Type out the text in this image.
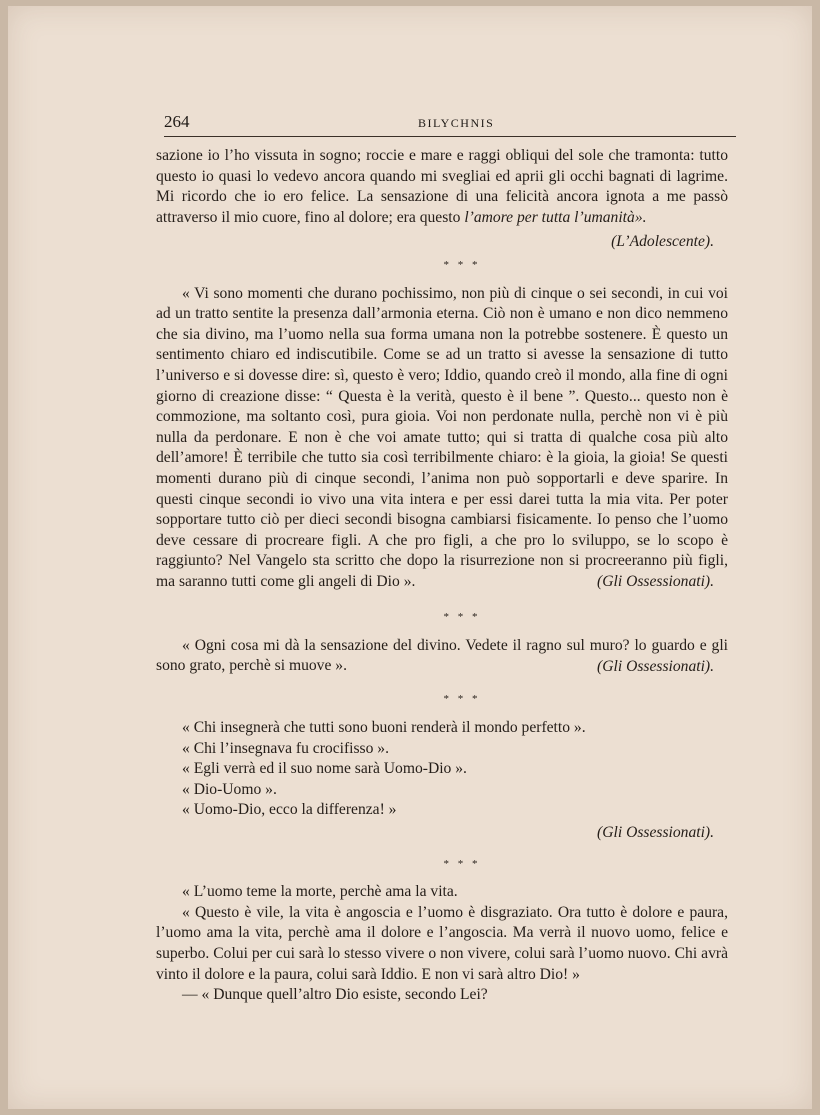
264	BILYCHNIS

sazione io l’ho vissuta in sogno; roccie e mare e raggi obliqui del sole che tramonta: tutto questo io quasi lo vedevo ancora quando mi svegliai ed aprii gli occhi bagnati di lagrime. Mi ricordo che io ero felice. La sensazione di una felicità ancora ignota a me passò attraverso il mio cuore, fino al dolore; era questo l’amore per tutta l’umanità».

(L’Adolescente).

* * *

« Vi sono momenti che durano pochissimo, non più di cinque o sei secondi, in cui voi ad un tratto sentite la presenza dall’armonia eterna. Ciò non è umano e non dico nemmeno che sia divino, ma l’uomo nella sua forma umana non la potrebbe sostenere. È questo un sentimento chiaro ed indiscutibile. Come se ad un tratto si avesse la sensazione di tutto l’universo e si dovesse dire: sì, questo è vero; Iddio, quando creò il mondo, alla fine di ogni giorno di creazione disse: “ Questa è la verità, questo è il bene ”. Questo... questo non è commozione, ma soltanto così, pura gioia. Voi non perdonate nulla, perchè non vi è più nulla da perdonare. E non è che voi amate tutto; qui si tratta di qualche cosa più alto dell’amore! È terribile che tutto sia così terribilmente chiaro: è la gioia, la gioia! Se questi momenti durano più di cinque secondi, l’anima non può sopportarli e deve sparire. In questi cinque secondi io vivo una vita intera e per essi darei tutta la mia vita. Per poter sopportare tutto ciò per dieci secondi bisogna cambiarsi fisicamente. Io penso che l’uomo deve cessare di procreare figli. A che pro figli, a che pro lo sviluppo, se lo scopo è raggiunto? Nel Vangelo sta scritto che dopo la risurrezione non si procreeranno più figli, ma saranno tutti come gli angeli di Dio ».	(Gli Ossessionati).

* * *

« Ogni cosa mi dà la sensazione del divino. Vedete il ragno sul muro? lo guardo e gli sono grato, perchè si muove ».	(Gli Ossessionati).

* * *

« Chi insegnerà che tutti sono buoni renderà il mondo perfetto ».

« Chi l’insegnava fu crocifisso ».

« Egli verrà ed il suo nome sarà Uomo-Dio ».

« Dio-Uomo ».

« Uomo-Dio, ecco la differenza! »

(Gli Ossessionati).

* * *

« L’uomo teme la morte, perchè ama la vita.

« Questo è vile, la vita è angoscia e l’uomo è disgraziato. Ora tutto è dolore e paura, l’uomo ama la vita, perchè ama il dolore e l’angoscia. Ma verrà il nuovo uomo, felice e superbo. Colui per cui sarà lo stesso vivere o non vivere, colui sarà l’uomo nuovo. Chi avrà vinto il dolore e la paura, colui sarà Iddio. E non vi sarà altro Dio! »

— « Dunque quell’altro Dio esiste, secondo Lei?
